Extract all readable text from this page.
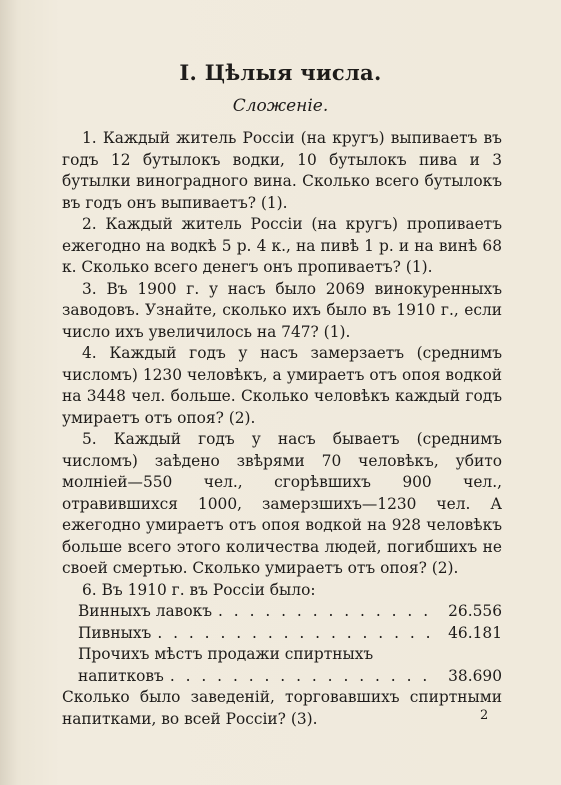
I. Цѣлыя числа.
Сложенiе.

1. Каждый житель Россiи (на кругъ) выпиваетъ въ годъ 12 бутылокъ водки, 10 бутылокъ пива и 3 бутылки виноградного вина. Сколько всего бутылокъ въ годъ онъ выпиваетъ? (1).

2. Каждый житель Россiи (на кругъ) пропиваетъ ежегодно на водкѣ 5 р. 4 к., на пивѣ 1 р. и на винѣ 68 к. Сколько всего денегъ онъ пропиваетъ? (1).

3. Въ 1900 г. у насъ было 2069 винокуренныхъ заводовъ. Узнайте, сколько ихъ было въ 1910 г., если число ихъ увеличилось на 747? (1).

4. Каждый годъ у насъ замерзаетъ (среднимъ числомъ) 1230 человѣкъ, а умираетъ отъ опоя водкой на 3448 чел. больше. Сколько человѣкъ каждый годъ умираетъ отъ опоя? (2).

5. Каждый годъ у насъ бываетъ (среднимъ числомъ) заѣдено звѣрями 70 человѣкъ, убито молнiей—550 чел., сгорѣвшихъ 900 чел., отравившихся 1000, замерзшихъ—1230 чел. А ежегодно умираетъ отъ опоя водкой на 928 человѣкъ больше всего этого количества людей, погибшихъ не своей смертью. Сколько умираетъ отъ опоя? (2).

6. Въ 1910 г. въ Россiи было:

Винныхъ лавокъ . . .	26.556
Пивныхъ . . .	46.181
Прочихъ мѣстъ продажи спиртныхъ
напитковъ . . .	38.690

Сколько было заведенiй, торговавшихъ спиртными напитками, во всей Россiи? (3).	2
